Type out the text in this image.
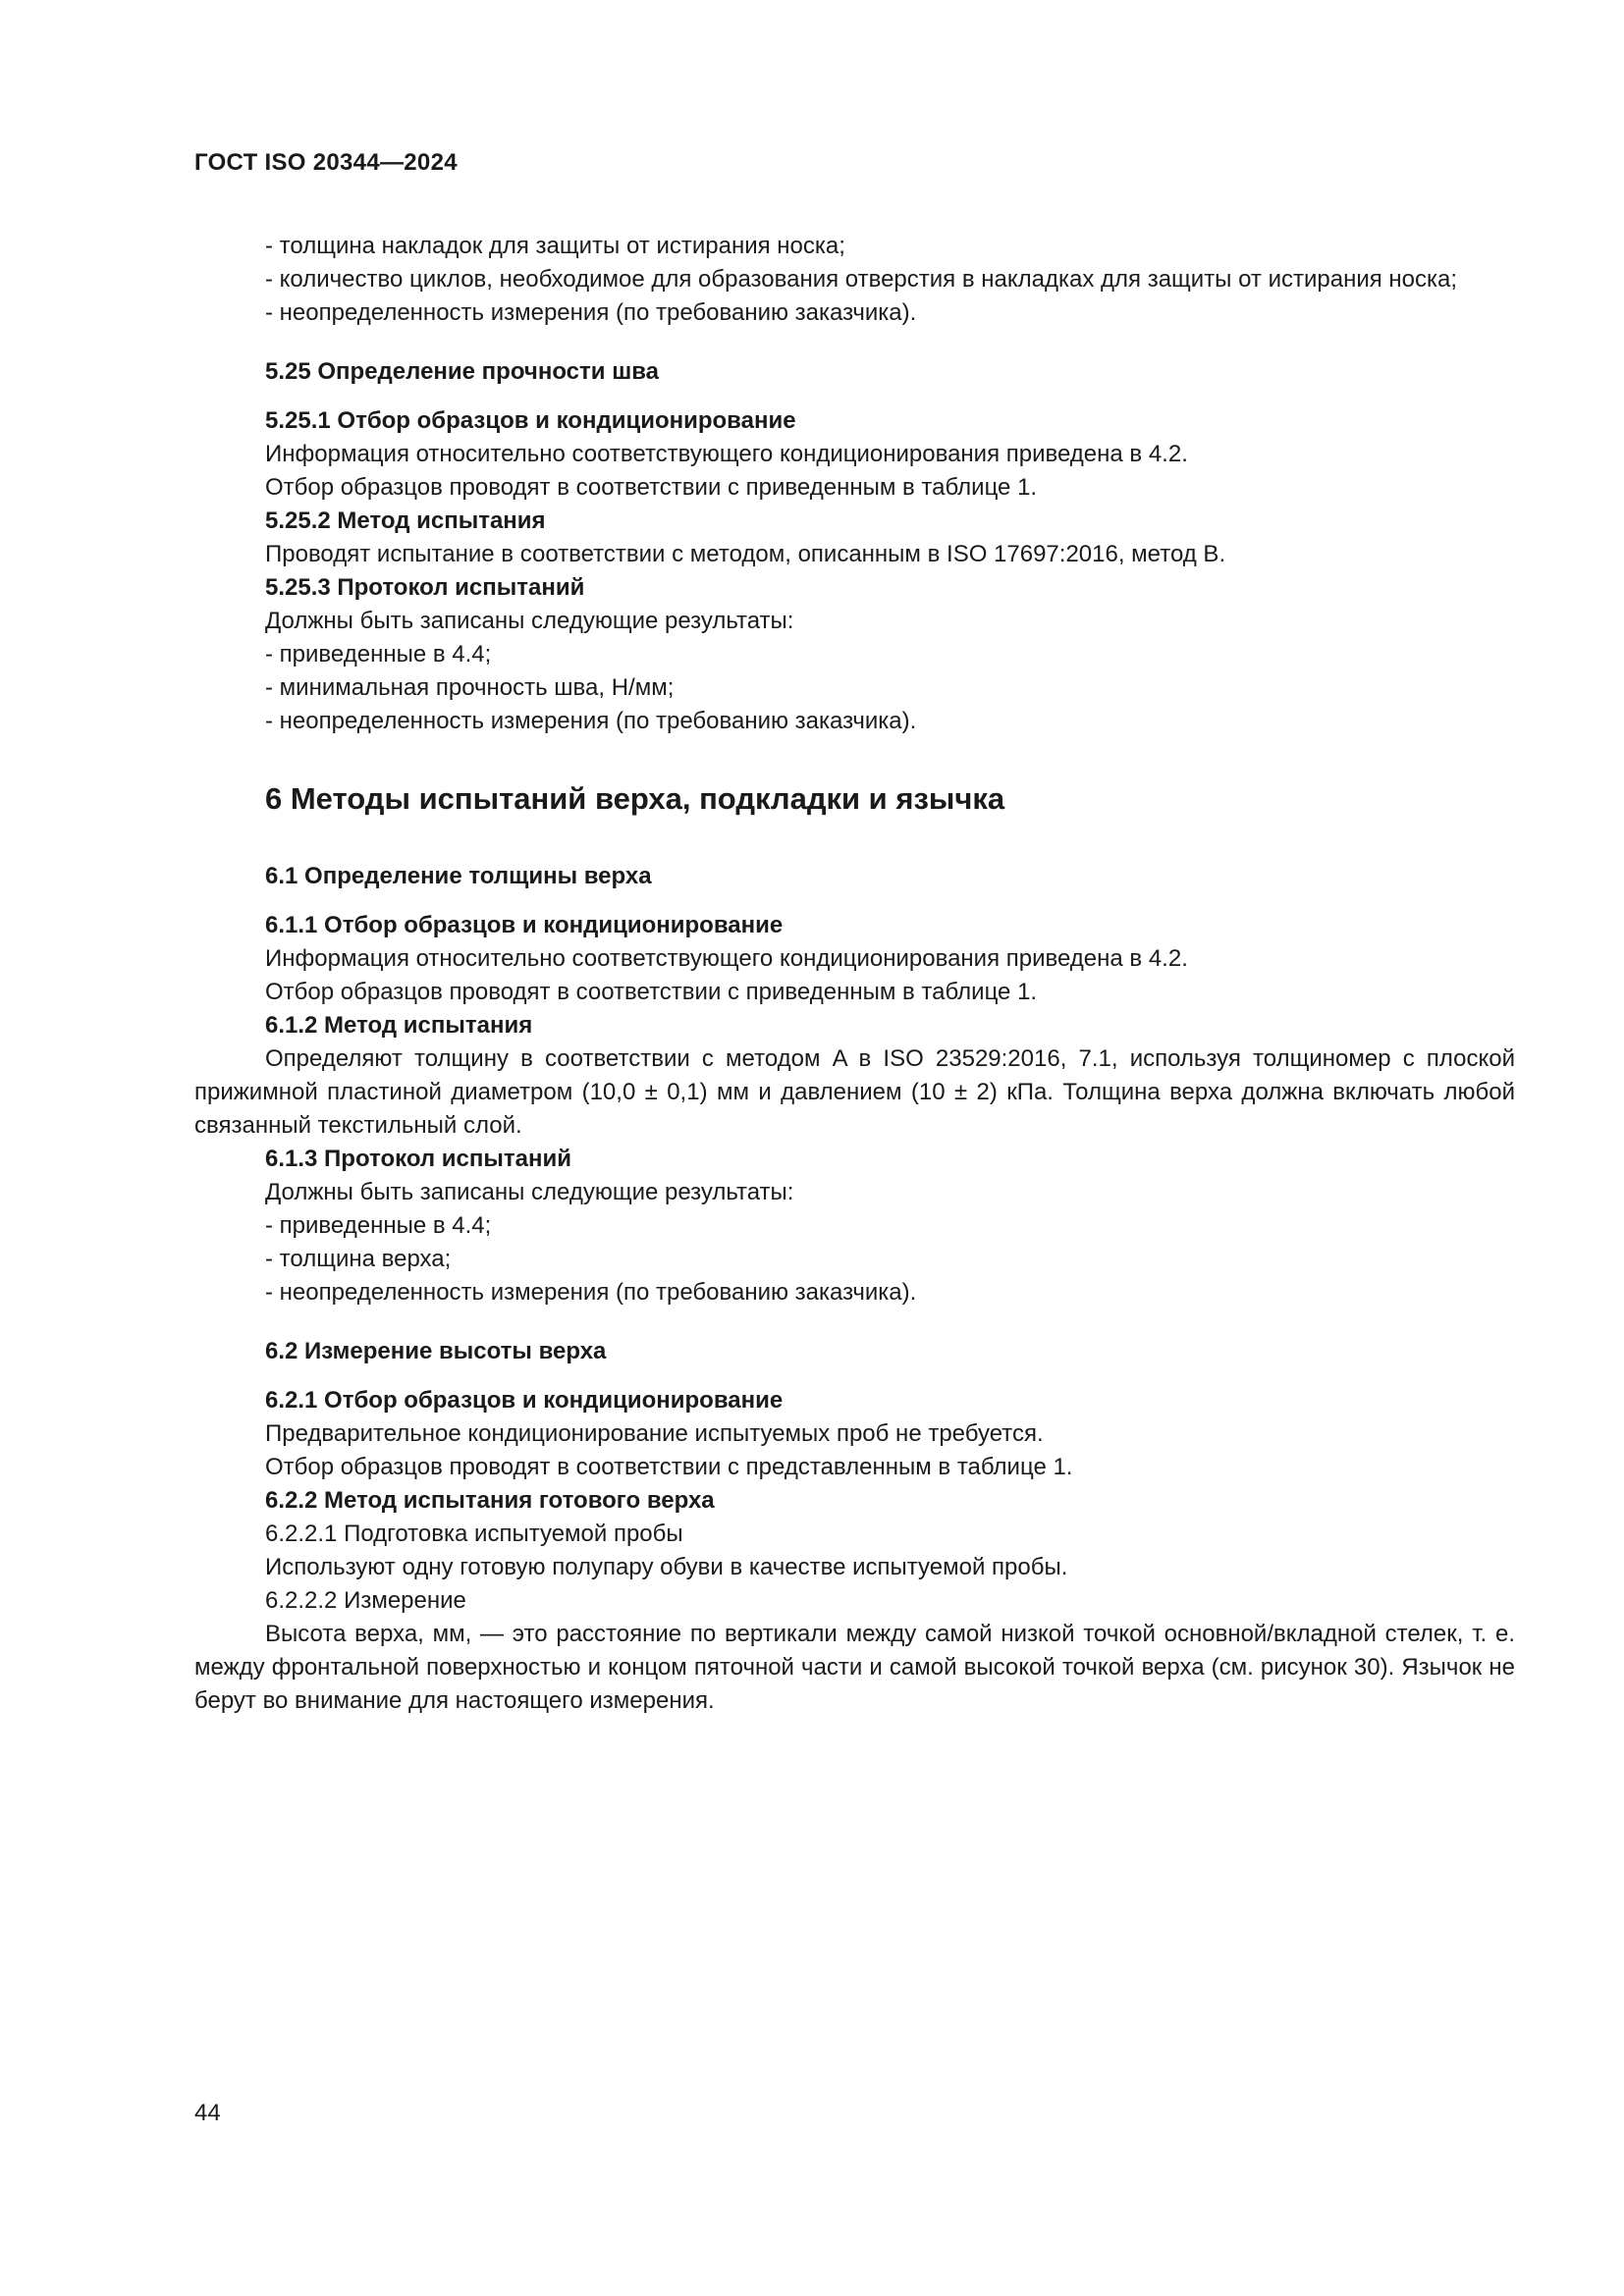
ГОСТ ISO 20344—2024
- толщина накладок для защиты от истирания носка;
- количество циклов, необходимое для образования отверстия в накладках для защиты от истирания носка;
- неопределенность измерения (по требованию заказчика).
5.25 Определение прочности шва
5.25.1 Отбор образцов и кондиционирование
Информация относительно соответствующего кондиционирования приведена в 4.2.
Отбор образцов проводят в соответствии с приведенным в таблице 1.
5.25.2 Метод испытания
Проводят испытание в соответствии с методом, описанным в ISO 17697:2016, метод B.
5.25.3 Протокол испытаний
Должны быть записаны следующие результаты:
- приведенные в 4.4;
- минимальная прочность шва, Н/мм;
- неопределенность измерения (по требованию заказчика).
6 Методы испытаний верха, подкладки и язычка
6.1 Определение толщины верха
6.1.1 Отбор образцов и кондиционирование
Информация относительно соответствующего кондиционирования приведена в 4.2.
Отбор образцов проводят в соответствии с приведенным в таблице 1.
6.1.2 Метод испытания
Определяют толщину в соответствии с методом A в ISO 23529:2016, 7.1, используя толщиномер с плоской прижимной пластиной диаметром (10,0 ± 0,1) мм и давлением (10 ± 2) кПа. Толщина верха должна включать любой связанный текстильный слой.
6.1.3 Протокол испытаний
Должны быть записаны следующие результаты:
- приведенные в 4.4;
- толщина верха;
- неопределенность измерения (по требованию заказчика).
6.2 Измерение высоты верха
6.2.1 Отбор образцов и кондиционирование
Предварительное кондиционирование испытуемых проб не требуется.
Отбор образцов проводят в соответствии с представленным в таблице 1.
6.2.2 Метод испытания готового верха
6.2.2.1 Подготовка испытуемой пробы
Используют одну готовую полупару обуви в качестве испытуемой пробы.
6.2.2.2 Измерение
Высота верха, мм, — это расстояние по вертикали между самой низкой точкой основной/вкладной стелек, т. е. между фронтальной поверхностью и концом пяточной части и самой высокой точкой верха (см. рисунок 30). Язычок не берут во внимание для настоящего измерения.
44
